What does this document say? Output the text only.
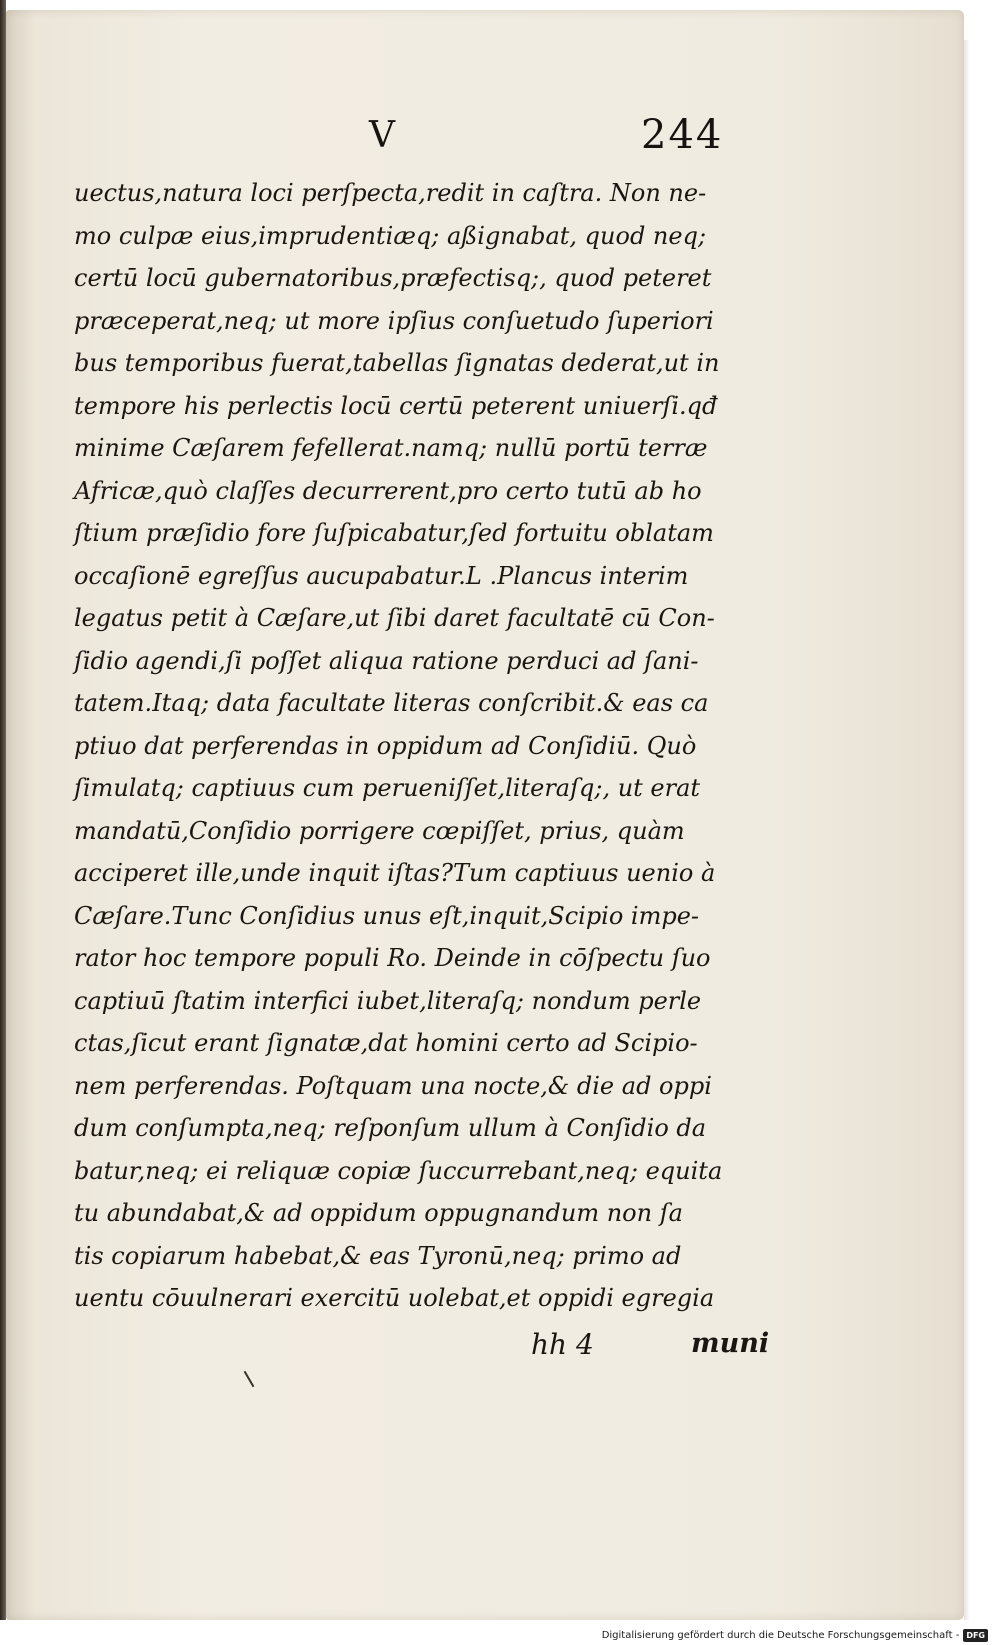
V	244
uectus,natura loci perſpecta,redit in caſtra. Non ne-
mo culpæ eius,imprudentiæq; aßignabat, quod neq;
certū locū gubernatoribus,præfectisq;, quod peteret
præceperat,neq; ut more ipſius conſuetudo ſuperiori
bus temporibus fuerat,tabellas ſignatas dederat,ut in
tempore his perlectis locū certū peterent uniuerſi.qđ
minime Cæſarem fefellerat.namq; nullū portū terræ
Africæ,quò claſſes decurrerent,pro certo tutū ab ho
ſtium præſidio fore ſuſpicabatur,ſed fortuitu oblatam
occaſionē egreſſus aucupabatur.L .Plancus interim
legatus petit à Cæſare,ut ſibi daret facultatē cū Con-
ſidio agendi,ſi poſſet aliqua ratione perduci ad ſani-
tatem.Itaq; data facultate literas conſcribit.& eas ca
ptiuo dat perferendas in oppidum ad Conſidiū. Quò
ſimulatq; captiuus cum perueniſſet,literaſq;, ut erat
mandatū,Conſidio porrigere cœpiſſet, prius, quàm
acciperet ille,unde inquit iſtas?Tum captiuus uenio à
Cæſare.Tunc Conſidius unus eſt,inquit,Scipio impe-
rator hoc tempore populi Ro. Deinde in cōſpectu ſuo
captiuū ſtatim interfici iubet,literaſq; nondum perle
ctas,ſicut erant ſignatæ,dat homini certo ad Scipio-
nem perferendas. Poſtquam una nocte,& die ad oppi
dum conſumpta,neq; reſponſum ullum à Conſidio da
batur,neq; ei reliquæ copiæ ſuccurrebant,neq; equita
tu abundabat,& ad oppidum oppugnandum non ſa
tis copiarum habebat,& eas Tyronū,neq; primo ad
uentu cōuulnerari exercitū uolebat,et oppidi egregia
hh 4	muni
Digitalisierung gefördert durch die Deutsche Forschungsgemeinschaft - DFG
